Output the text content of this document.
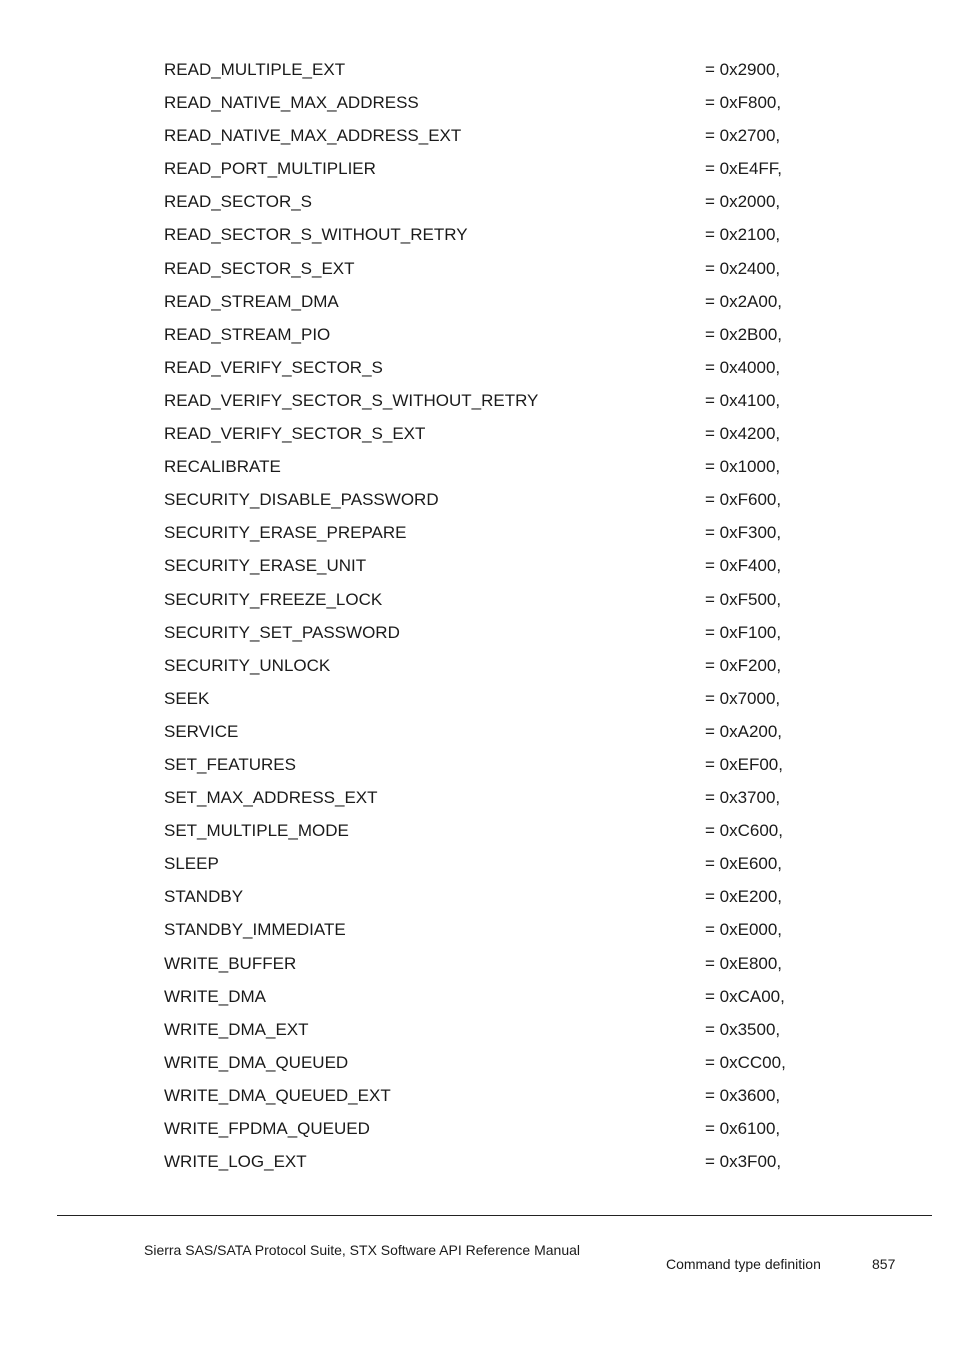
READ_MULTIPLE_EXT	= 0x2900,
READ_NATIVE_MAX_ADDRESS	= 0xF800,
READ_NATIVE_MAX_ADDRESS_EXT	= 0x2700,
READ_PORT_MULTIPLIER	= 0xE4FF,
READ_SECTOR_S	= 0x2000,
READ_SECTOR_S_WITHOUT_RETRY	= 0x2100,
READ_SECTOR_S_EXT	= 0x2400,
READ_STREAM_DMA	= 0x2A00,
READ_STREAM_PIO	= 0x2B00,
READ_VERIFY_SECTOR_S	= 0x4000,
READ_VERIFY_SECTOR_S_WITHOUT_RETRY	= 0x4100,
READ_VERIFY_SECTOR_S_EXT	= 0x4200,
RECALIBRATE	= 0x1000,
SECURITY_DISABLE_PASSWORD	= 0xF600,
SECURITY_ERASE_PREPARE	= 0xF300,
SECURITY_ERASE_UNIT	= 0xF400,
SECURITY_FREEZE_LOCK	= 0xF500,
SECURITY_SET_PASSWORD	= 0xF100,
SECURITY_UNLOCK	= 0xF200,
SEEK	= 0x7000,
SERVICE	= 0xA200,
SET_FEATURES	= 0xEF00,
SET_MAX_ADDRESS_EXT	= 0x3700,
SET_MULTIPLE_MODE	= 0xC600,
SLEEP	= 0xE600,
STANDBY	= 0xE200,
STANDBY_IMMEDIATE	= 0xE000,
WRITE_BUFFER	= 0xE800,
WRITE_DMA	= 0xCA00,
WRITE_DMA_EXT	= 0x3500,
WRITE_DMA_QUEUED	= 0xCC00,
WRITE_DMA_QUEUED_EXT	= 0x3600,
WRITE_FPDMA_QUEUED	= 0x6100,
WRITE_LOG_EXT	= 0x3F00,
Sierra SAS/SATA Protocol Suite, STX Software API Reference Manual
Command type definition	857
